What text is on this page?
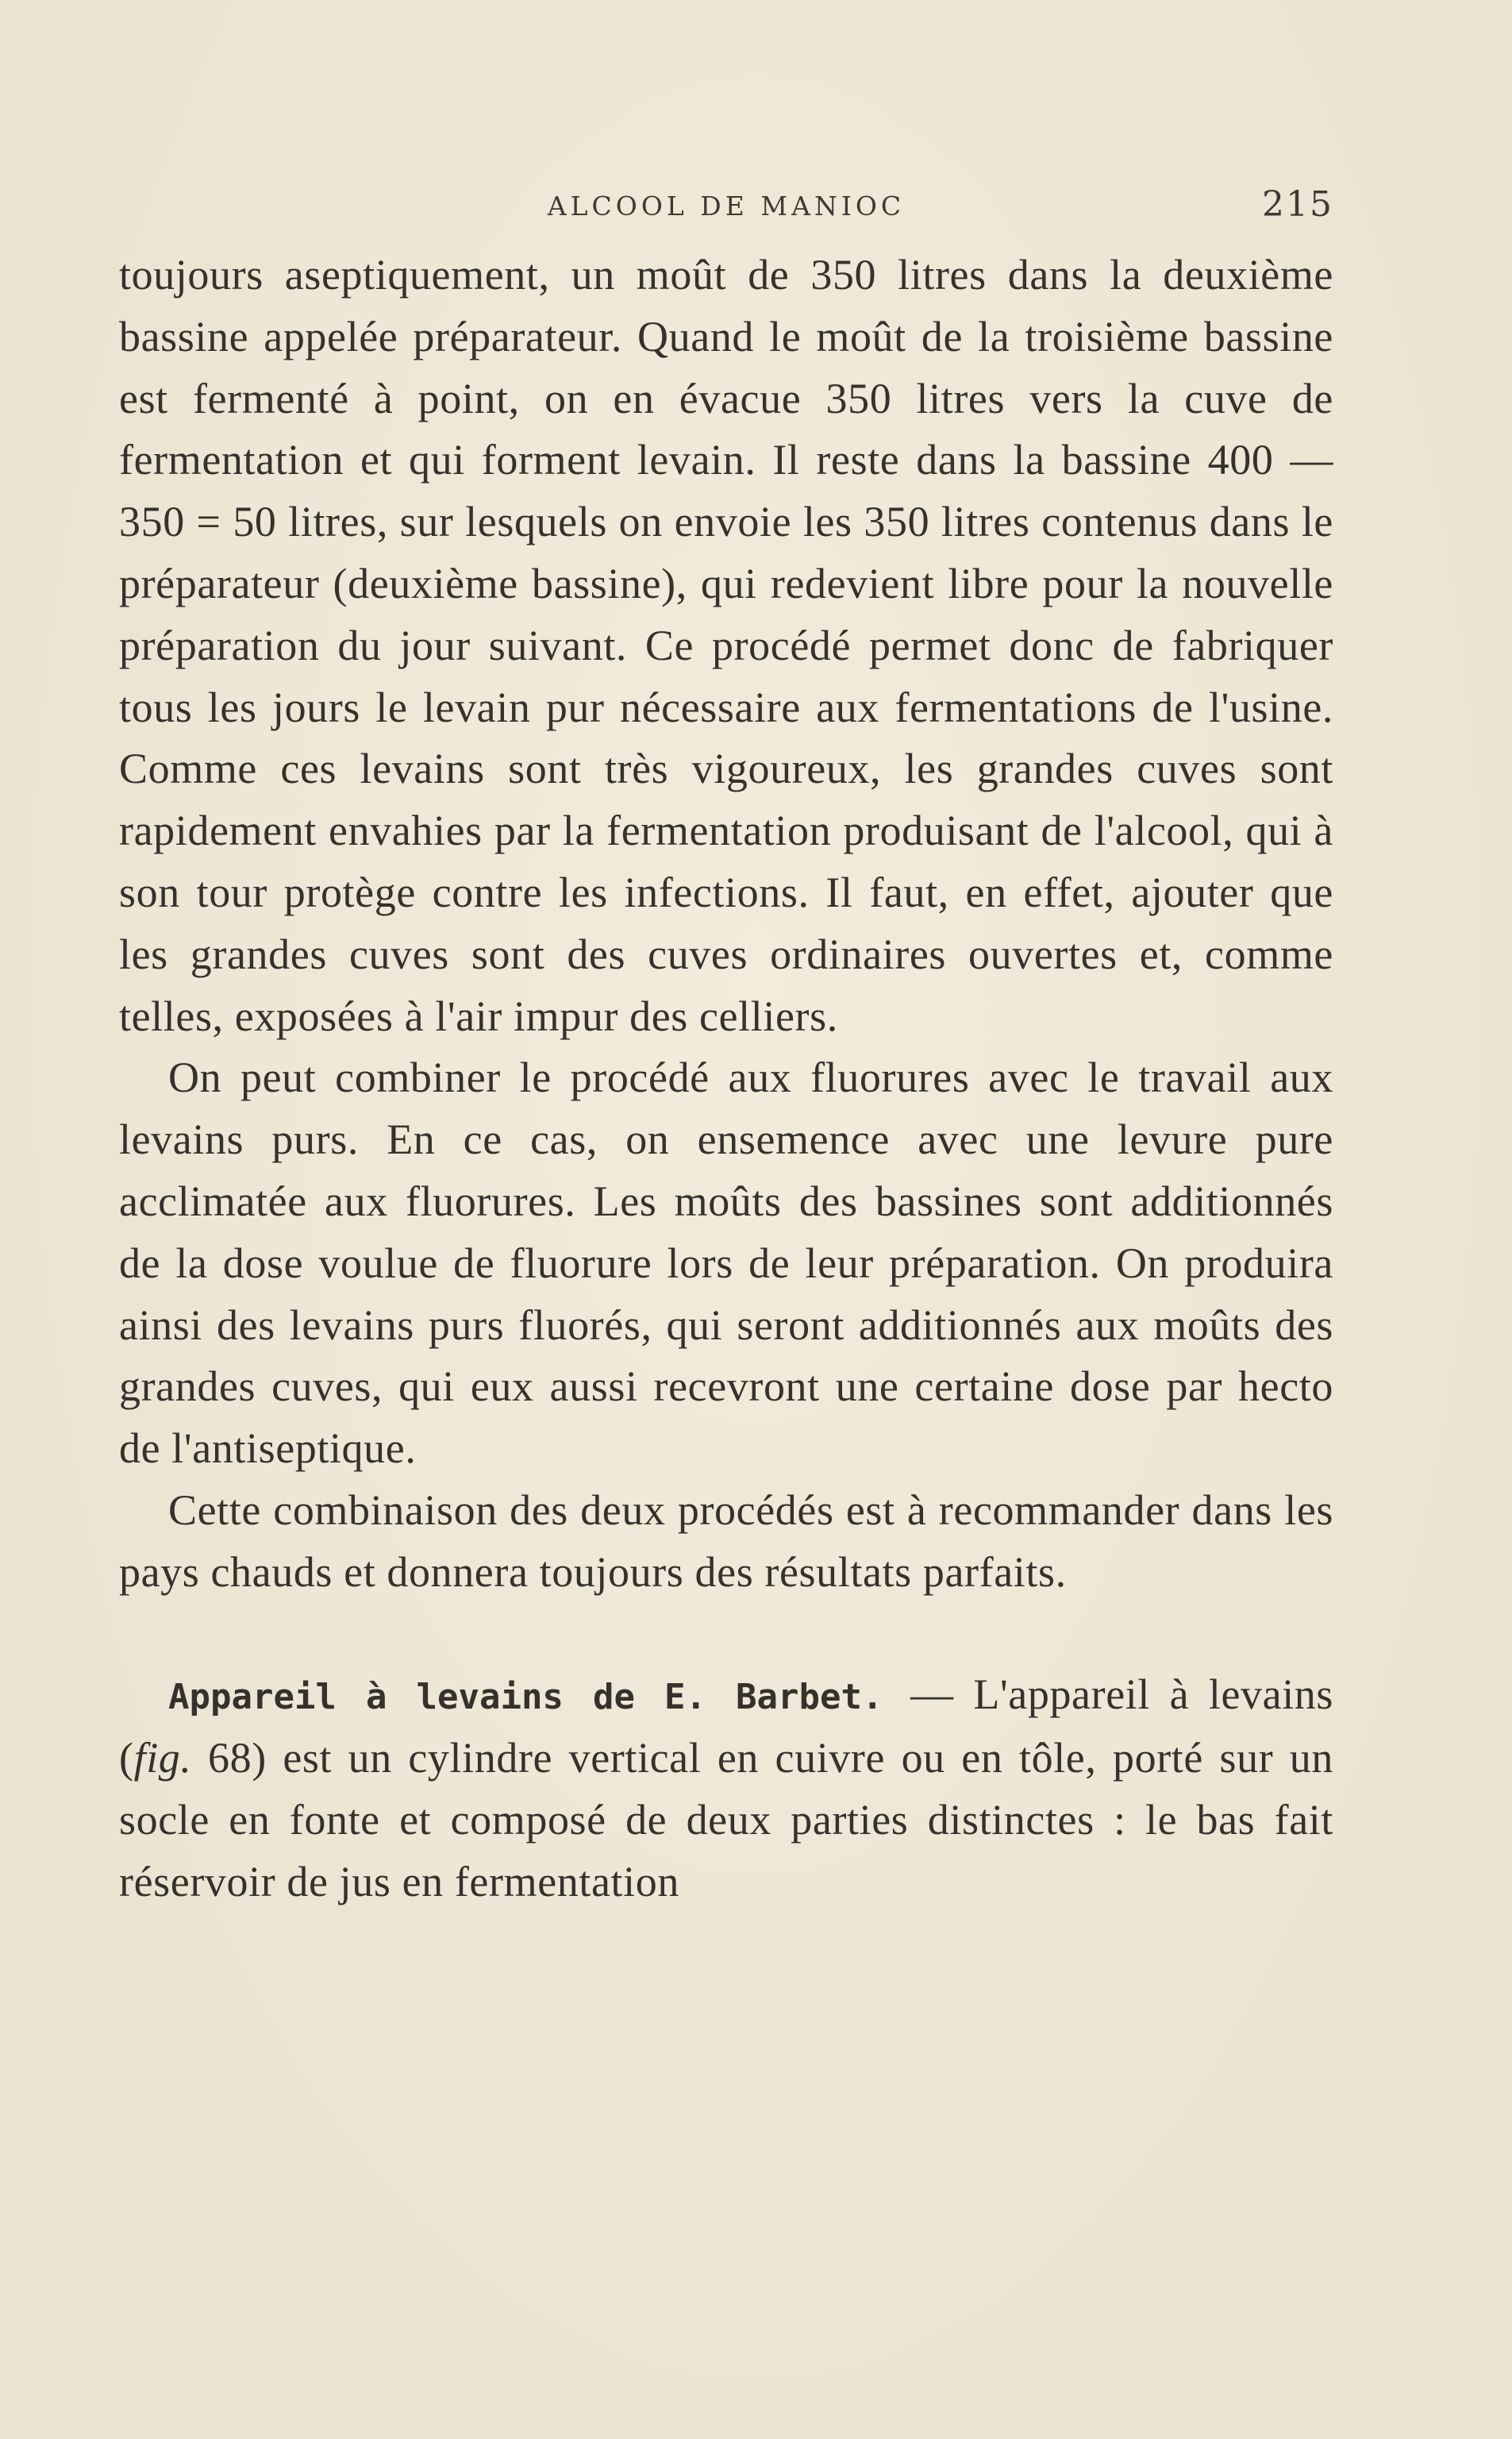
ALCOOL DE MANIOC	215

toujours aseptiquement, un moût de 350 litres dans la deuxième bassine appelée préparateur. Quand le moût de la troisième bassine est fermenté à point, on en évacue 350 litres vers la cuve de fermentation et qui forment levain. Il reste dans la bassine 400 — 350 = 50 litres, sur lesquels on envoie les 350 litres contenus dans le préparateur (deuxième bassine), qui redevient libre pour la nouvelle préparation du jour suivant. Ce procédé permet donc de fabriquer tous les jours le levain pur nécessaire aux fermentations de l'usine. Comme ces levains sont très vigoureux, les grandes cuves sont rapidement envahies par la fermentation produisant de l'alcool, qui à son tour protège contre les infections. Il faut, en effet, ajouter que les grandes cuves sont des cuves ordinaires ouvertes et, comme telles, exposées à l'air impur des celliers.

On peut combiner le procédé aux fluorures avec le travail aux levains purs. En ce cas, on ensemence avec une levure pure acclimatée aux fluorures. Les moûts des bassines sont additionnés de la dose voulue de fluorure lors de leur préparation. On produira ainsi des levains purs fluorés, qui seront additionnés aux moûts des grandes cuves, qui eux aussi recevront une certaine dose par hecto de l'antiseptique.

Cette combinaison des deux procédés est à recommander dans les pays chauds et donnera toujours des résultats parfaits.

Appareil à levains de E. Barbet. — L'appareil à levains (fig. 68) est un cylindre vertical en cuivre ou en tôle, porté sur un socle en fonte et composé de deux parties distinctes : le bas fait réservoir de jus en fermentation
